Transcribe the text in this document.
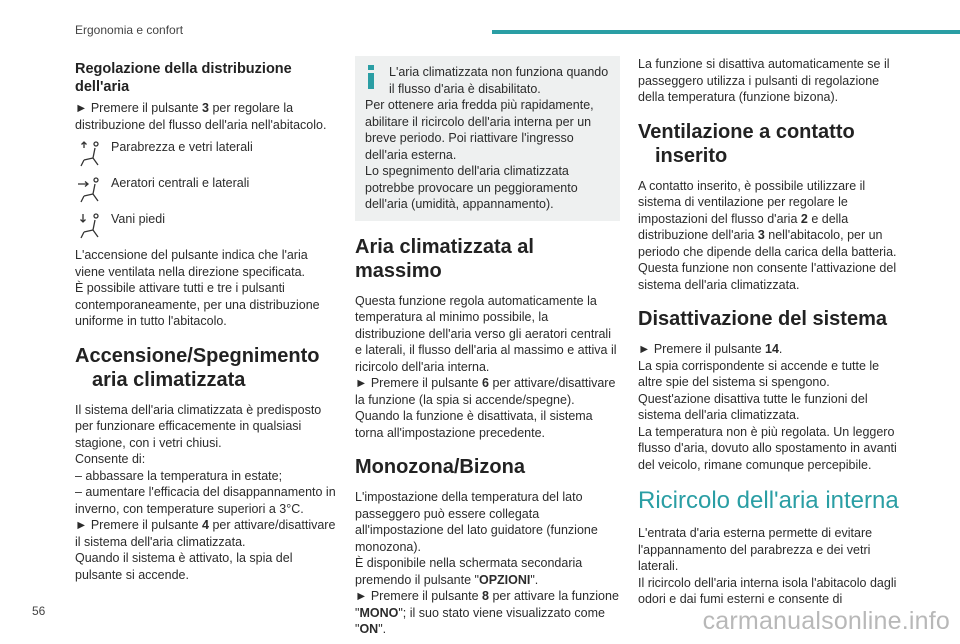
Ergonomia e confort
Regolazione della distribuzione dell'aria

► Premere il pulsante 3 per regolare la distribuzione del flusso dell'aria nell'abitacolo.

Parabrezza e vetri laterali
Aeratori centrali e laterali
Vani piedi

L'accensione del pulsante indica che l'aria viene ventilata nella direzione specificata.

È possibile attivare tutti e tre i pulsanti contemporaneamente, per una distribuzione uniforme in tutto l'abitacolo.

Accensione/Spegnimento aria climatizzata

Il sistema dell'aria climatizzata è predisposto per funzionare efficacemente in qualsiasi stagione, con i vetri chiusi.

Consente di:

– abbassare la temperatura in estate;

– aumentare l'efficacia del disappannamento in inverno, con temperature superiori a 3°C.

► Premere il pulsante 4 per attivare/disattivare il sistema dell'aria climatizzata.

Quando il sistema è attivato, la spia del pulsante si accende.

L'aria climatizzata non funziona quando il flusso d'aria è disabilitato.
Per ottenere aria fredda più rapidamente, abilitare il ricircolo dell'aria interna per un breve periodo. Poi riattivare l'ingresso dell'aria esterna.
Lo spegnimento dell'aria climatizzata potrebbe provocare un peggioramento dell'aria (umidità, appannamento).
Aria climatizzata al massimo

Questa funzione regola automaticamente la temperatura al minimo possibile, la distribuzione dell'aria verso gli aeratori centrali e laterali, il flusso dell'aria al massimo e attiva il ricircolo dell'aria interna.

► Premere il pulsante 6 per attivare/disattivare la funzione (la spia si accende/spegne).

Quando la funzione è disattivata, il sistema torna all'impostazione precedente.

Monozona/Bizona

L'impostazione della temperatura del lato passeggero può essere collegata all'impostazione del lato guidatore (funzione monozona).

È disponibile nella schermata secondaria premendo il pulsante "OPZIONI".

► Premere il pulsante 8 per attivare la funzione "MONO"; il suo stato viene visualizzato come "ON".

La funzione si disattiva automaticamente se il passeggero utilizza i pulsanti di regolazione della temperatura (funzione bizona).

Ventilazione a contatto inserito

A contatto inserito, è possibile utilizzare il sistema di ventilazione per regolare le impostazioni del flusso d'aria 2 e della distribuzione dell'aria 3 nell'abitacolo, per un periodo che dipende della carica della batteria. Questa funzione non consente l'attivazione del sistema dell'aria climatizzata.

Disattivazione del sistema

► Premere il pulsante 14.

La spia corrispondente si accende e tutte le altre spie del sistema si spengono.

Quest'azione disattiva tutte le funzioni del sistema dell'aria climatizzata.

La temperatura non è più regolata. Un leggero flusso d'aria, dovuto allo spostamento in avanti del veicolo, rimane comunque percepibile.

Ricircolo dell'aria interna

L'entrata d'aria esterna permette di evitare l'appannamento del parabrezza e dei vetri laterali.

Il ricircolo dell'aria interna isola l'abitacolo dagli odori e dai fumi esterni e consente di

56	carmanualsonline.info
